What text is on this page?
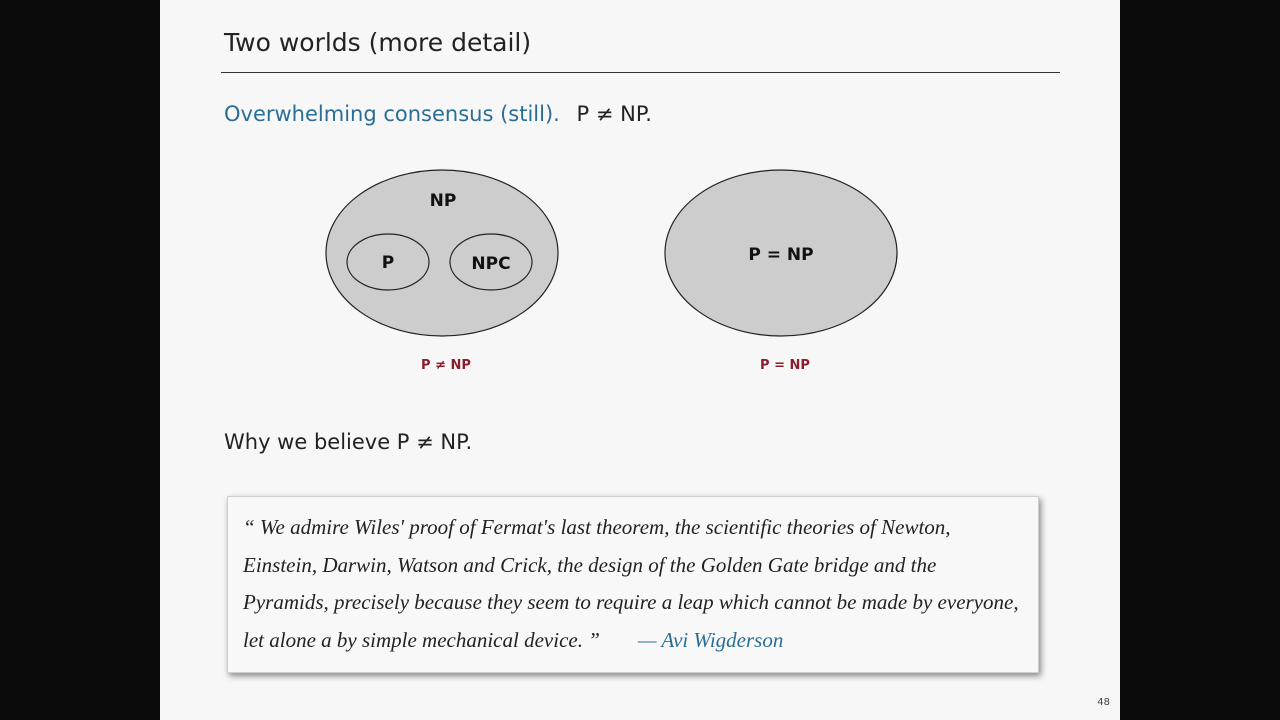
Two worlds (more detail)
Overwhelming consensus (still). P ≠ NP.
NP
P	NPC
P ≠ NP
P = NP
P = NP
Why we believe P ≠ NP.
“ We admire Wiles' proof of Fermat's last theorem, the scientific theories of Newton, Einstein, Darwin, Watson and Crick, the design of the Golden Gate bridge and the Pyramids, precisely because they seem to require a leap which cannot be made by everyone, let alone a by simple mechanical device. ” — Avi Wigderson
48
